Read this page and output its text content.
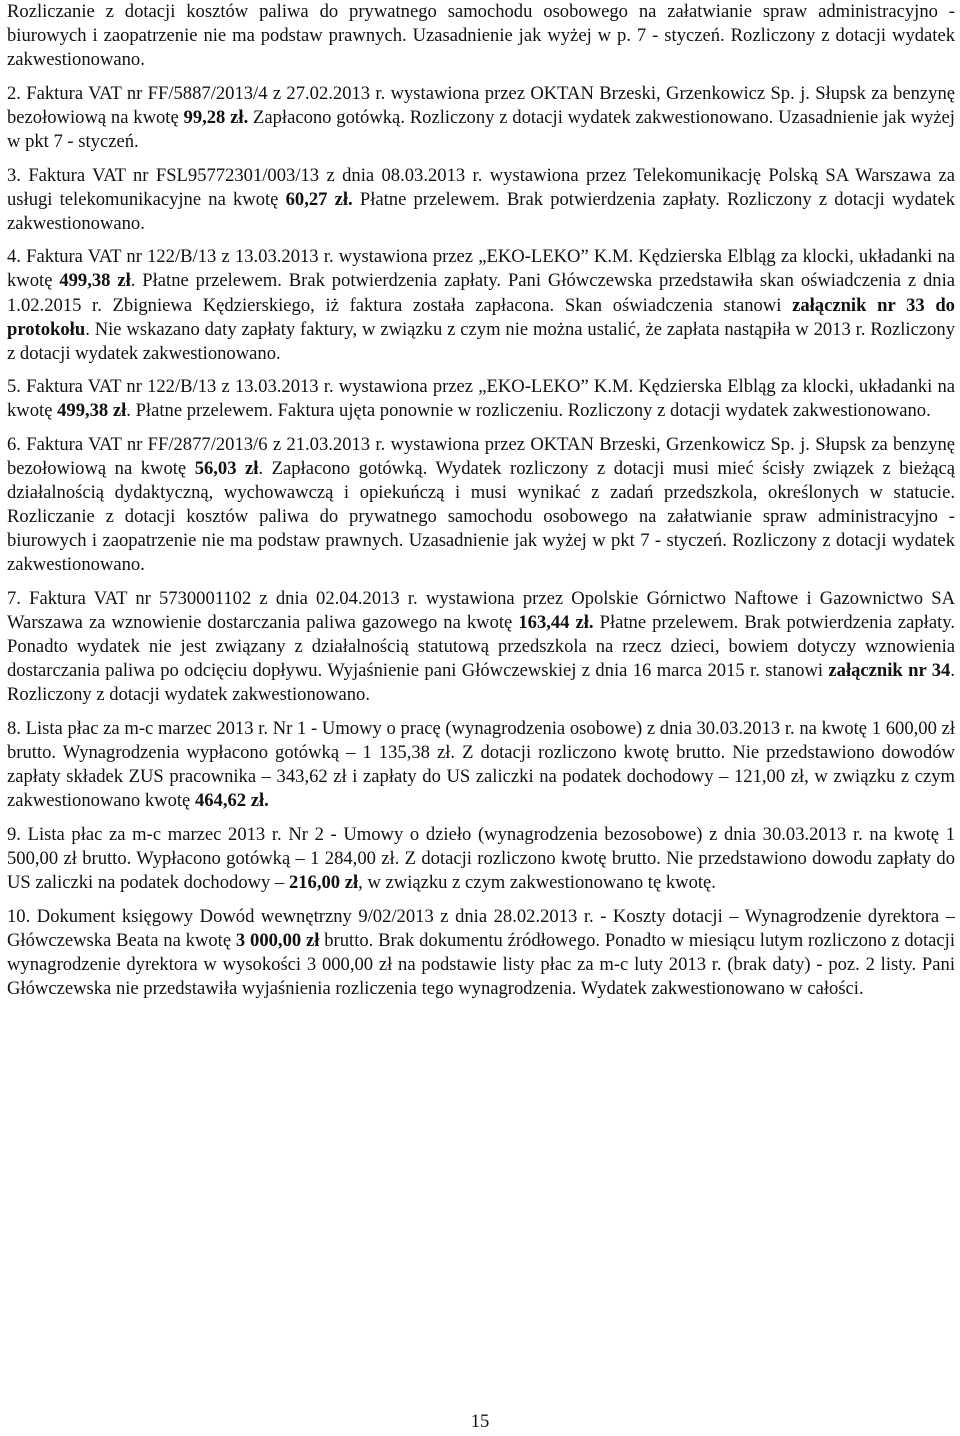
Rozliczanie z dotacji kosztów paliwa do prywatnego samochodu osobowego na załatwianie spraw administracyjno - biurowych i zaopatrzenie nie ma podstaw prawnych. Uzasadnienie jak wyżej w p. 7 - styczeń. Rozliczony z dotacji wydatek zakwestionowano.

2. Faktura VAT nr FF/5887/2013/4 z 27.02.2013 r. wystawiona przez OKTAN Brzeski, Grzenkowicz Sp. j. Słupsk za benzynę bezołowiową na kwotę 99,28 zł. Zapłacono gotówką. Rozliczony z dotacji wydatek zakwestionowano. Uzasadnienie jak wyżej w pkt 7 - styczeń.

3. Faktura VAT nr FSL95772301/003/13 z dnia 08.03.2013 r. wystawiona przez Telekomunikację Polską SA Warszawa za usługi telekomunikacyjne na kwotę 60,27 zł. Płatne przelewem. Brak potwierdzenia zapłaty. Rozliczony z dotacji wydatek zakwestionowano.

4. Faktura VAT nr 122/B/13 z 13.03.2013 r. wystawiona przez „EKO-LEKO” K.M. Kędzierska Elbląg za klocki, układanki na kwotę 499,38 zł. Płatne przelewem. Brak potwierdzenia zapłaty. Pani Główczewska przedstawiła skan oświadczenia z dnia 1.02.2015 r. Zbigniewa Kędzierskiego, iż faktura została zapłacona. Skan oświadczenia stanowi załącznik nr 33 do protokołu. Nie wskazano daty zapłaty faktury, w związku z czym nie można ustalić, że zapłata nastąpiła w 2013 r. Rozliczony z dotacji wydatek zakwestionowano.

5. Faktura VAT nr 122/B/13 z 13.03.2013 r. wystawiona przez „EKO-LEKO” K.M. Kędzierska Elbląg za klocki, układanki na kwotę 499,38 zł. Płatne przelewem. Faktura ujęta ponownie w rozliczeniu. Rozliczony z dotacji wydatek zakwestionowano.

6. Faktura VAT nr FF/2877/2013/6 z 21.03.2013 r. wystawiona przez OKTAN Brzeski, Grzenkowicz Sp. j. Słupsk za benzynę bezołowiową na kwotę 56,03 zł. Zapłacono gotówką. Wydatek rozliczony z dotacji musi mieć ścisły związek z bieżącą działalnością dydaktyczną, wychowawczą i opiekuńczą i musi wynikać z zadań przedszkola, określonych w statucie. Rozliczanie z dotacji kosztów paliwa do prywatnego samochodu osobowego na załatwianie spraw administracyjno - biurowych i zaopatrzenie nie ma podstaw prawnych. Uzasadnienie jak wyżej w pkt 7 - styczeń. Rozliczony z dotacji wydatek zakwestionowano.

7. Faktura VAT nr 5730001102 z dnia 02.04.2013 r. wystawiona przez Opolskie Górnictwo Naftowe i Gazownictwo SA Warszawa za wznowienie dostarczania paliwa gazowego na kwotę 163,44 zł. Płatne przelewem. Brak potwierdzenia zapłaty. Ponadto wydatek nie jest związany z działalnością statutową przedszkola na rzecz dzieci, bowiem dotyczy wznowienia dostarczania paliwa po odcięciu dopływu. Wyjaśnienie pani Główczewskiej z dnia 16 marca 2015 r. stanowi załącznik nr 34. Rozliczony z dotacji wydatek zakwestionowano.

8. Lista płac za m-c marzec 2013 r. Nr 1 - Umowy o pracę (wynagrodzenia osobowe) z dnia 30.03.2013 r. na kwotę 1 600,00 zł brutto. Wynagrodzenia wypłacono gotówką – 1 135,38 zł. Z dotacji rozliczono kwotę brutto. Nie przedstawiono dowodów zapłaty składek ZUS pracownika – 343,62 zł i zapłaty do US zaliczki na podatek dochodowy – 121,00 zł, w związku z czym zakwestionowano kwotę 464,62 zł.

9. Lista płac za m-c marzec 2013 r. Nr 2 - Umowy o dzieło (wynagrodzenia bezosobowe) z dnia 30.03.2013 r. na kwotę 1 500,00 zł brutto. Wypłacono gotówką – 1 284,00 zł. Z dotacji rozliczono kwotę brutto. Nie przedstawiono dowodu zapłaty do US zaliczki na podatek dochodowy – 216,00 zł, w związku z czym zakwestionowano tę kwotę.

10. Dokument księgowy Dowód wewnętrzny 9/02/2013 z dnia 28.02.2013 r. - Koszty dotacji – Wynagrodzenie dyrektora – Główczewska Beata na kwotę 3 000,00 zł brutto. Brak dokumentu źródłowego. Ponadto w miesiącu lutym rozliczono z dotacji wynagrodzenie dyrektora w wysokości 3 000,00 zł na podstawie listy płac za m-c luty 2013 r. (brak daty) - poz. 2 listy. Pani Główczewska nie przedstawiła wyjaśnienia rozliczenia tego wynagrodzenia. Wydatek zakwestionowano w całości.

15
